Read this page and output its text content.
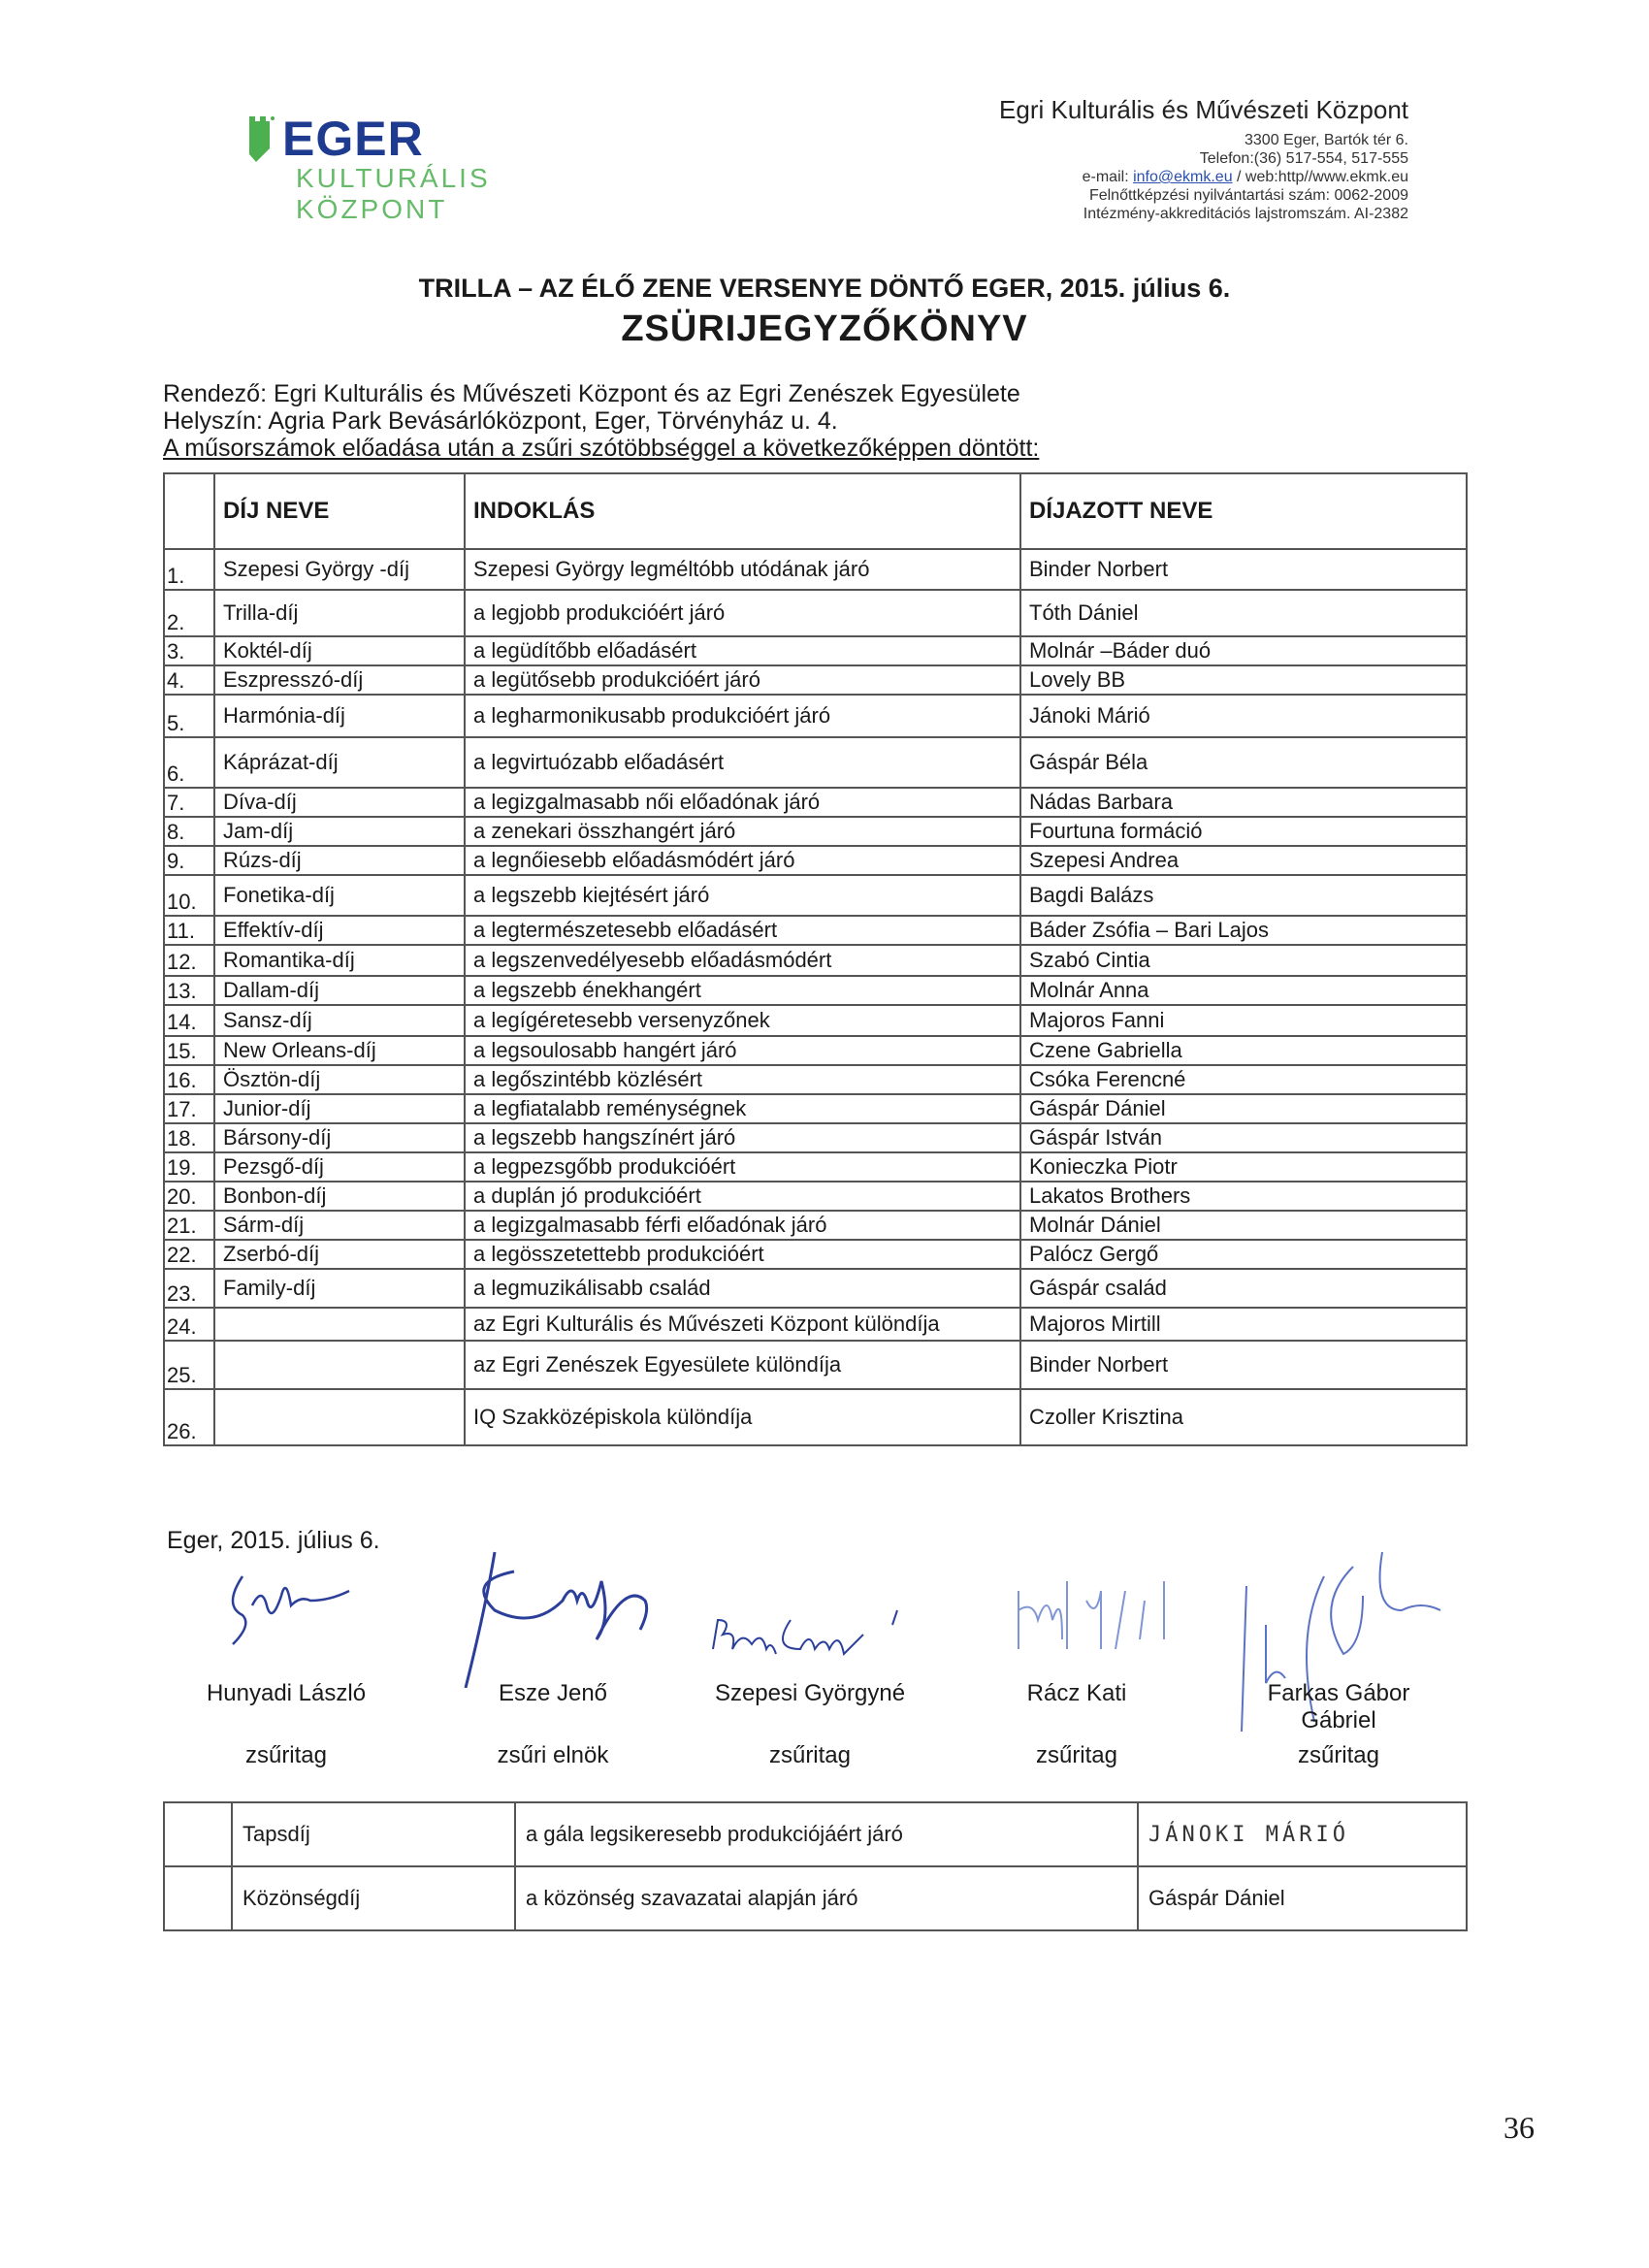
EGER
KULTURÁLIS
KÖZPONT
Egri Kulturális és Művészeti Központ
3300 Eger, Bartók tér 6.
Telefon:(36) 517-554, 517-555
e-mail: info@ekmk.eu / web:http//www.ekmk.eu
Felnőttképzési nyilvántartási szám: 0062-2009
Intézmény-akkreditációs lajstromszám. AI-2382
TRILLA – AZ ÉLŐ ZENE VERSENYE DÖNTŐ EGER, 2015. július 6.
ZSÜRIJEGYZŐKÖNYV
Rendező: Egri Kulturális és Művészeti Központ és az Egri Zenészek Egyesülete
Helyszín: Agria Park Bevásárlóközpont, Eger, Törvényház u. 4.
A műsorszámok előadása után a zsűri szótöbbséggel a következőképpen döntött:
	DÍJ NEVE	INDOKLÁS	DÍJAZOTT NEVE
1.	Szepesi György -díj	Szepesi György legméltóbb utódának járó	Binder Norbert
2.	Trilla-díj	a legjobb produkcióért járó	Tóth Dániel
3.	Koktél-díj	a legüdítőbb előadásért	Molnár –Báder duó
4.	Eszpresszó-díj	a legütősebb produkcióért járó	Lovely BB
5.	Harmónia-díj	a legharmonikusabb produkcióért járó	Jánoki Márió
6.	Káprázat-díj	a legvirtuózabb előadásért	Gáspár Béla
7.	Díva-díj	a legizgalmasabb női előadónak járó	Nádas Barbara
8.	Jam-díj	a zenekari összhangért járó	Fourtuna formáció
9.	Rúzs-díj	a legnőiesebb előadásmódért járó	Szepesi Andrea
10.	Fonetika-díj	a legszebb kiejtésért járó	Bagdi Balázs
11.	Effektív-díj	a legtermészetesebb előadásért	Báder Zsófia – Bari Lajos
12.	Romantika-díj	a legszenvedélyesebb előadásmódért	Szabó Cintia
13.	Dallam-díj	a legszebb énekhangért	Molnár Anna
14.	Sansz-díj	a legígéretesebb versenyzőnek	Majoros Fanni
15.	New Orleans-díj	a legsoulosabb hangért járó	Czene Gabriella
16.	Ösztön-díj	a legőszintébb közlésért	Csóka Ferencné
17.	Junior-díj	a legfiatalabb reménységnek	Gáspár Dániel
18.	Bársony-díj	a legszebb hangszínért járó	Gáspár István
19.	Pezsgő-díj	a legpezsgőbb produkcióért	Konieczka Piotr
20.	Bonbon-díj	a duplán jó produkcióért	Lakatos Brothers
21.	Sárm-díj	a legizgalmasabb férfi előadónak járó	Molnár Dániel
22.	Zserbó-díj	a legösszetettebb produkcióért	Palócz Gergő
23.	Family-díj	a legmuzikálisabb család	Gáspár család
24.		az Egri Kulturális és Művészeti Központ különdíja	Majoros Mirtill
25.		az Egri Zenészek Egyesülete különdíja	Binder Norbert
26.		IQ Szakközépiskola különdíja	Czoller Krisztina
Eger, 2015. július 6.
Hunyadi László
zsűritag
Esze Jenő
zsűri elnök
Szepesi Györgyné
zsűritag
Rácz Kati
zsűritag
Farkas Gábor
Gábriel
zsűritag
	Tapsdíj	a gála legsikeresebb produkciójáért járó	JÁNOKI MÁRIÓ
	Közönségdíj	a közönség szavazatai alapján járó	Gáspár Dániel
36
